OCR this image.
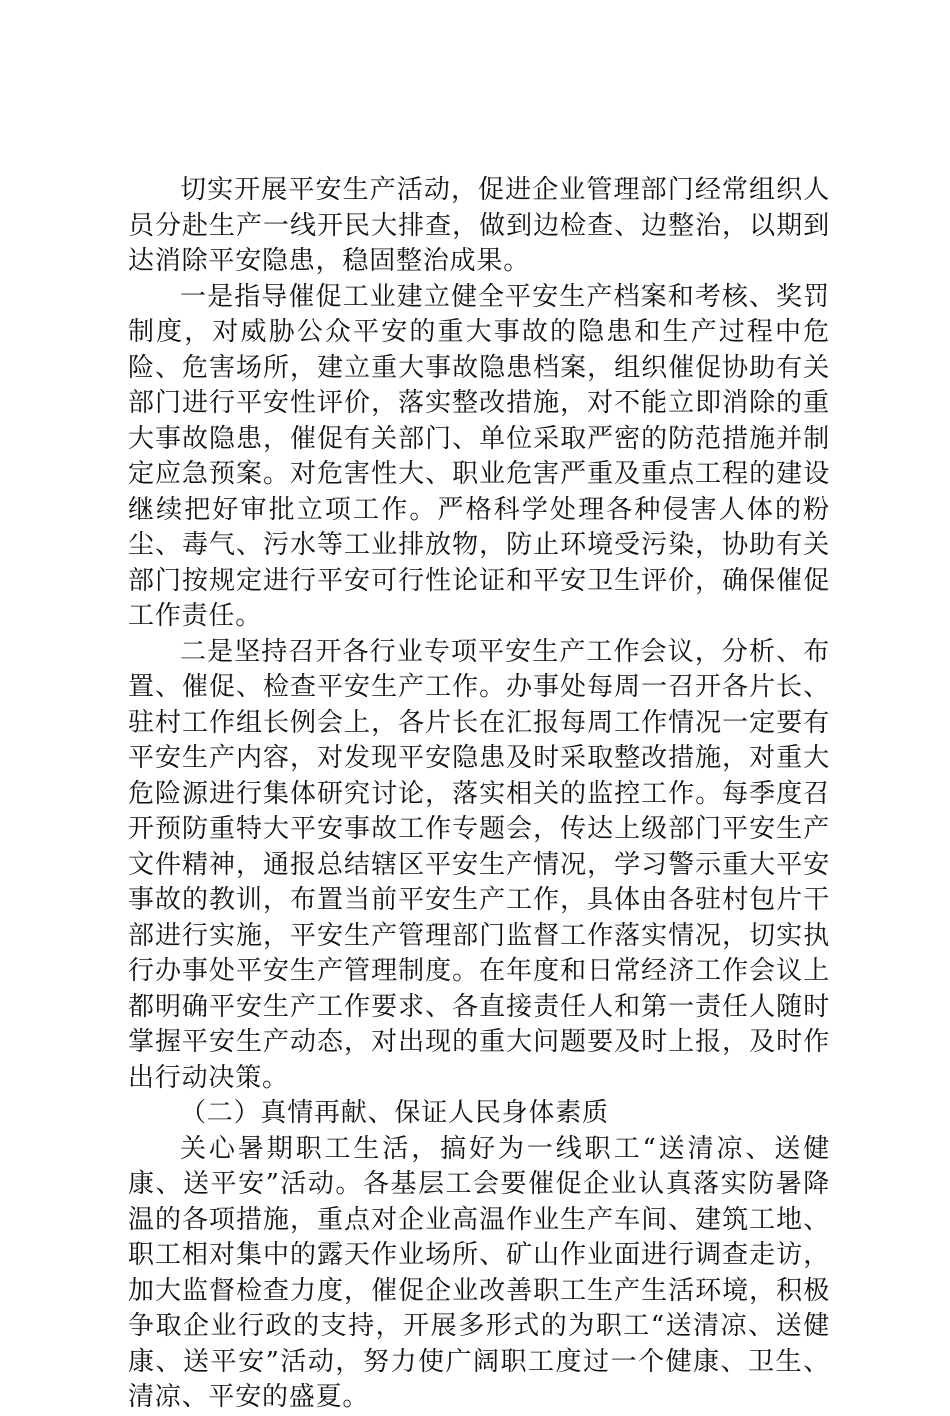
切实开展平安生产活动，促进企业管理部门经常组织人员分赴生产一线开民大排查，做到边检查、边整治，以期到达消除平安隐患，稳固整治成果。

一是指导催促工业建立健全平安生产档案和考核、奖罚制度，对威胁公众平安的重大事故的隐患和生产过程中危险、危害场所，建立重大事故隐患档案，组织催促协助有关部门进行平安性评价，落实整改措施，对不能立即消除的重大事故隐患，催促有关部门、单位采取严密的防范措施并制定应急预案。对危害性大、职业危害严重及重点工程的建设继续把好审批立项工作。严格科学处理各种侵害人体的粉尘、毒气、污水等工业排放物，防止环境受污染，协助有关部门按规定进行平安可行性论证和平安卫生评价，确保催促工作责任。

二是坚持召开各行业专项平安生产工作会议，分析、布置、催促、检查平安生产工作。办事处每周一召开各片长、驻村工作组长例会上，各片长在汇报每周工作情况一定要有平安生产内容，对发现平安隐患及时采取整改措施，对重大危险源进行集体研究讨论，落实相关的监控工作。每季度召开预防重特大平安事故工作专题会，传达上级部门平安生产文件精神，通报总结辖区平安生产情况，学习警示重大平安事故的教训，布置当前平安生产工作，具体由各驻村包片干部进行实施，平安生产管理部门监督工作落实情况，切实执行办事处平安生产管理制度。在年度和日常经济工作会议上都明确平安生产工作要求、各直接责任人和第一责任人随时掌握平安生产动态，对出现的重大问题要及时上报，及时作出行动决策。

（二）真情再献、保证人民身体素质

关心暑期职工生活，搞好为一线职工“送清凉、送健康、送平安”活动。各基层工会要催促企业认真落实防暑降温的各项措施，重点对企业高温作业生产车间、建筑工地、职工相对集中的露天作业场所、矿山作业面进行调查走访，加大监督检查力度，催促企业改善职工生产生活环境，积极争取企业行政的支持，开展多形式的为职工“送清凉、送健康、送平安”活动，努力使广阔职工度过一个健康、卫生、清凉、平安的盛夏。
